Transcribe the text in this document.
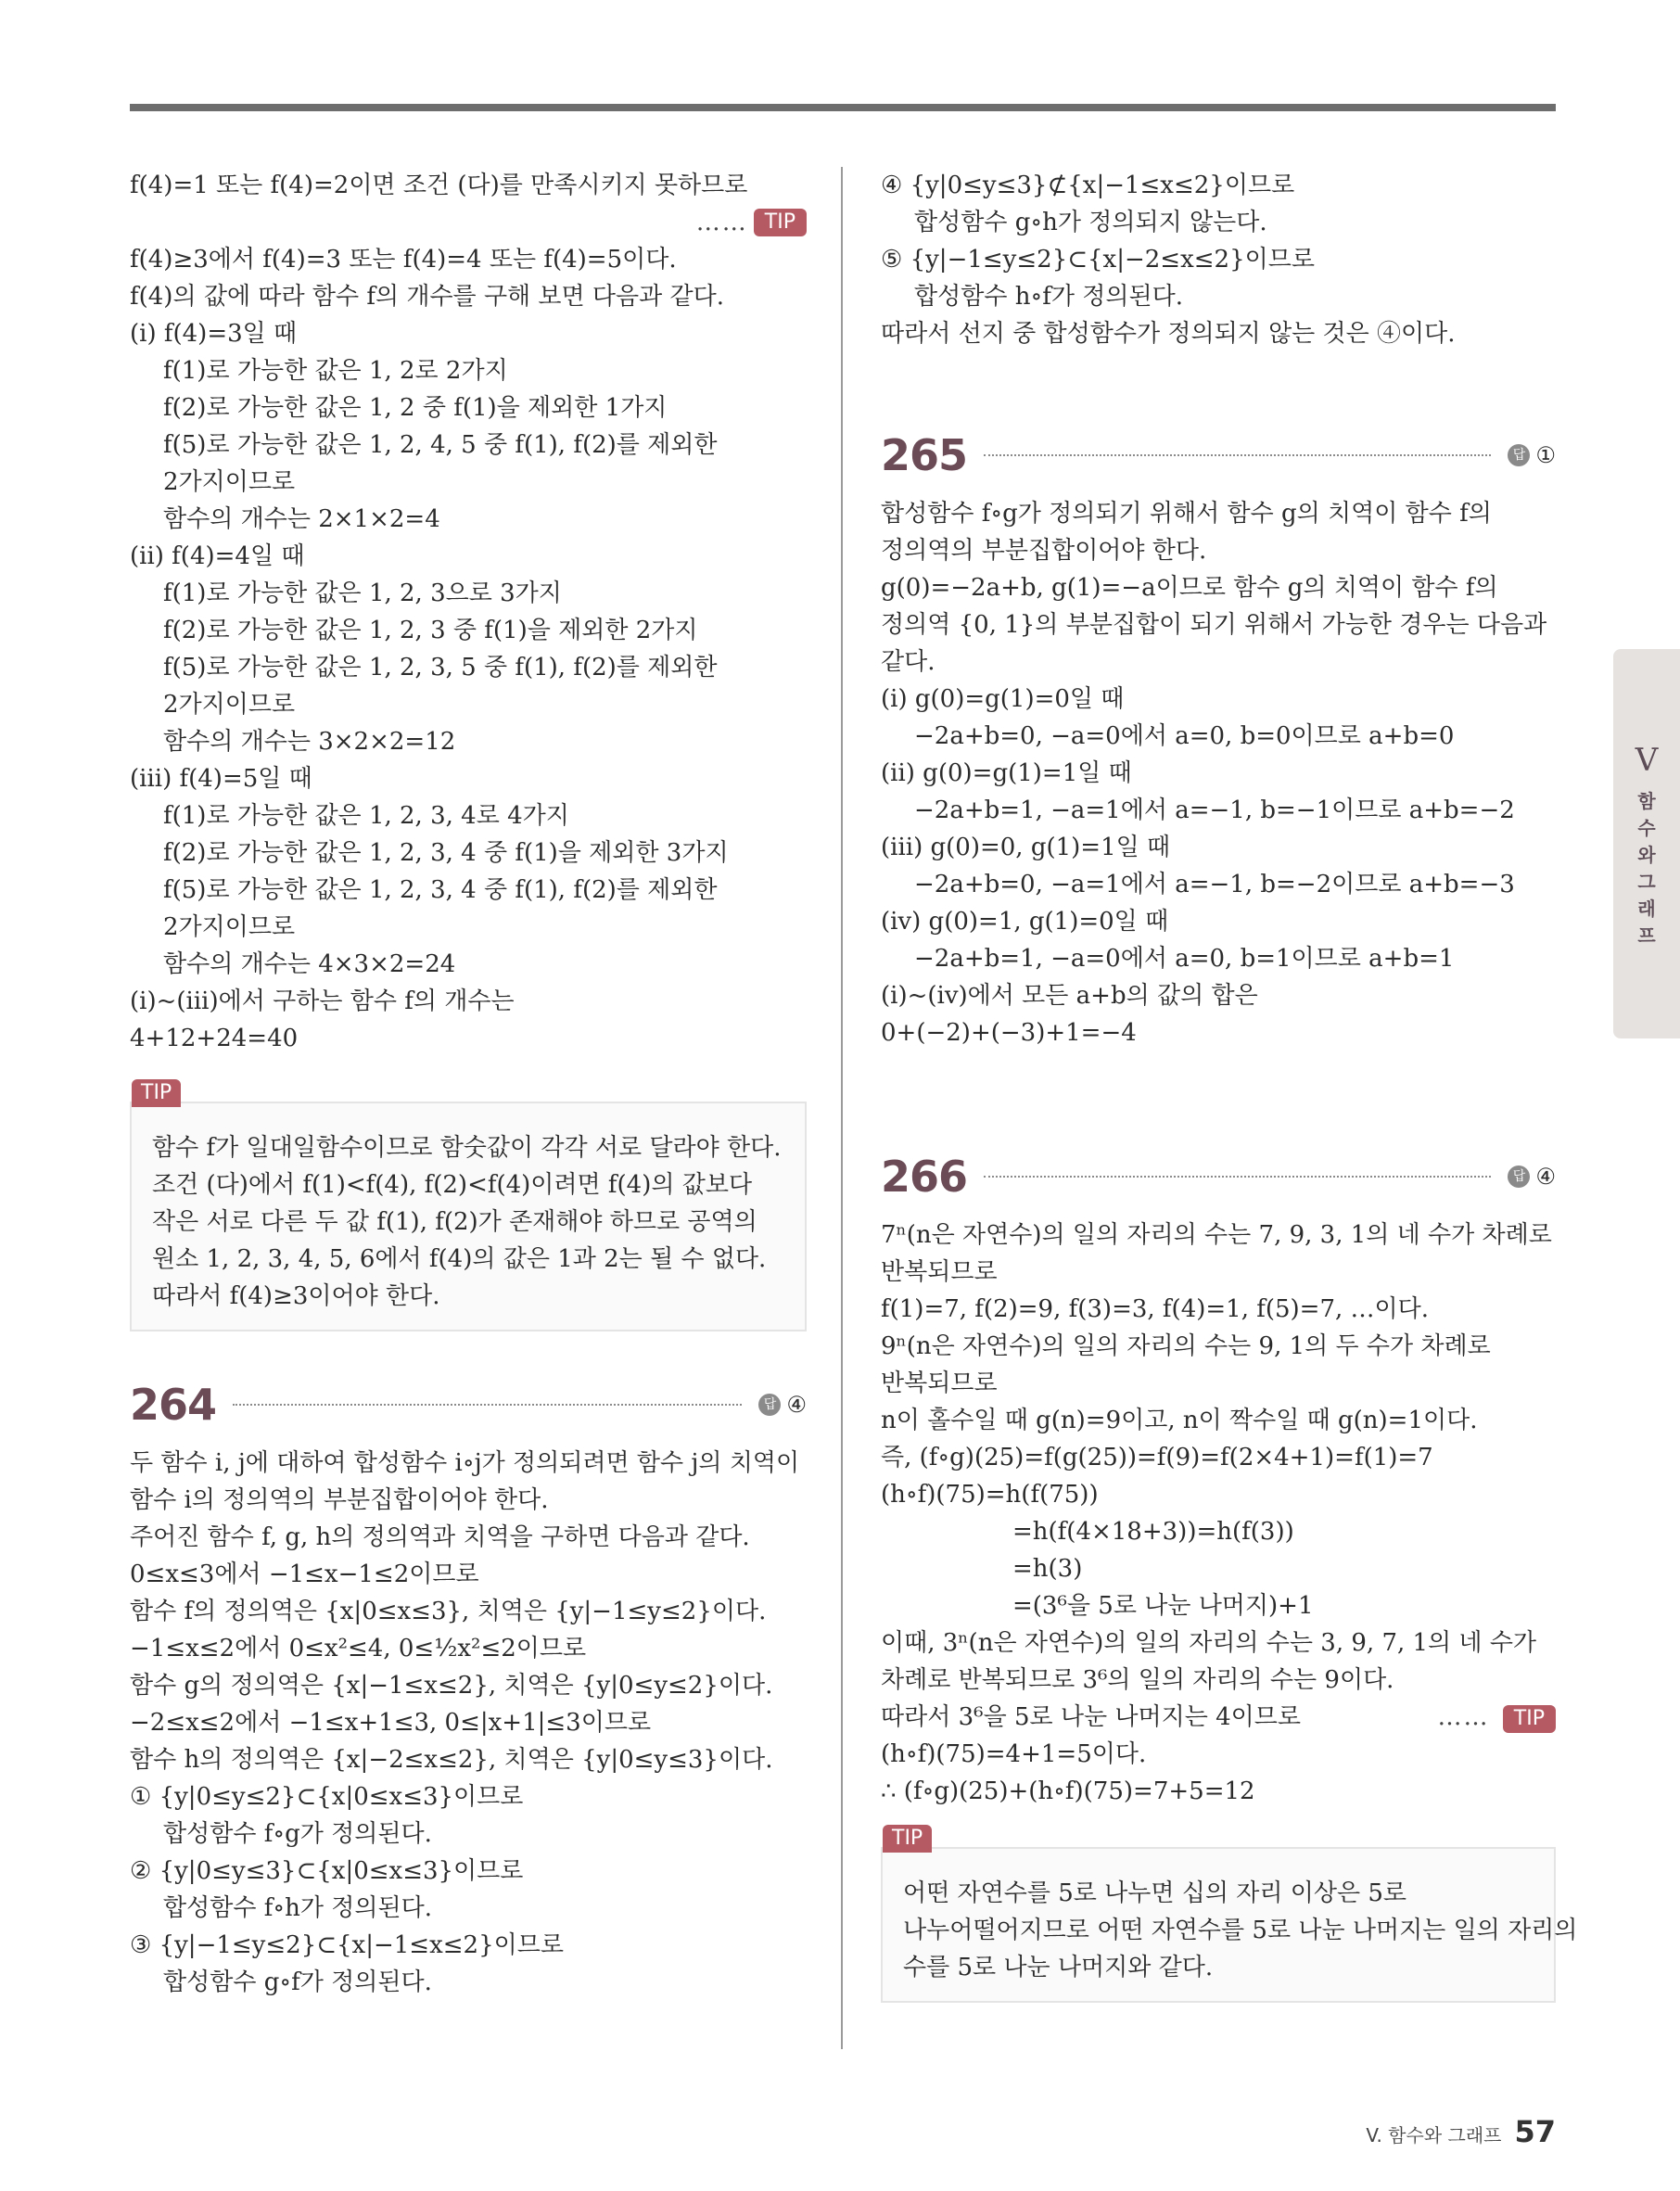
f(4)=1 또는 f(4)=2이면 조건 (다)를 만족시키지 못하므로
…… TIP
f(4)≥3에서 f(4)=3 또는 f(4)=4 또는 f(4)=5이다.
f(4)의 값에 따라 함수 f의 개수를 구해 보면 다음과 같다.
(ⅰ) f(4)=3일 때
f(1)로 가능한 값은 1, 2로 2가지
f(2)로 가능한 값은 1, 2 중 f(1)을 제외한 1가지
f(5)로 가능한 값은 1, 2, 4, 5 중 f(1), f(2)를 제외한
2가지이므로
함수의 개수는 2×1×2=4
(ⅱ) f(4)=4일 때
f(1)로 가능한 값은 1, 2, 3으로 3가지
f(2)로 가능한 값은 1, 2, 3 중 f(1)을 제외한 2가지
f(5)로 가능한 값은 1, 2, 3, 5 중 f(1), f(2)를 제외한
2가지이므로
함수의 개수는 3×2×2=12
(ⅲ) f(4)=5일 때
f(1)로 가능한 값은 1, 2, 3, 4로 4가지
f(2)로 가능한 값은 1, 2, 3, 4 중 f(1)을 제외한 3가지
f(5)로 가능한 값은 1, 2, 3, 4 중 f(1), f(2)를 제외한
2가지이므로
함수의 개수는 4×3×2=24
(ⅰ)~(ⅲ)에서 구하는 함수 f의 개수는
4+12+24=40
TIP
함수 f가 일대일함수이므로 함숫값이 각각 서로 달라야 한다.
조건 (다)에서 f(1)<f(4), f(2)<f(4)이려면 f(4)의 값보다
작은 서로 다른 두 값 f(1), f(2)가 존재해야 하므로 공역의
원소 1, 2, 3, 4, 5, 6에서 f(4)의 값은 1과 2는 될 수 없다.
따라서 f(4)≥3이어야 한다.
264	답 ④
두 함수 i, j에 대하여 합성함수 i∘j가 정의되려면 함수 j의 치역이
함수 i의 정의역의 부분집합이어야 한다.
주어진 함수 f, g, h의 정의역과 치역을 구하면 다음과 같다.
0≤x≤3에서 −1≤x−1≤2이므로
함수 f의 정의역은 {x|0≤x≤3}, 치역은 {y|−1≤y≤2}이다.
−1≤x≤2에서 0≤x²≤4, 0≤½x²≤2이므로
함수 g의 정의역은 {x|−1≤x≤2}, 치역은 {y|0≤y≤2}이다.
−2≤x≤2에서 −1≤x+1≤3, 0≤|x+1|≤3이므로
함수 h의 정의역은 {x|−2≤x≤2}, 치역은 {y|0≤y≤3}이다.
① {y|0≤y≤2}⊂{x|0≤x≤3}이므로
합성함수 f∘g가 정의된다.
② {y|0≤y≤3}⊂{x|0≤x≤3}이므로
합성함수 f∘h가 정의된다.
③ {y|−1≤y≤2}⊂{x|−1≤x≤2}이므로
합성함수 g∘f가 정의된다.
④ {y|0≤y≤3}⊄{x|−1≤x≤2}이므로
합성함수 g∘h가 정의되지 않는다.
⑤ {y|−1≤y≤2}⊂{x|−2≤x≤2}이므로
합성함수 h∘f가 정의된다.
따라서 선지 중 합성함수가 정의되지 않는 것은 ④이다.
265	답 ①
합성함수 f∘g가 정의되기 위해서 함수 g의 치역이 함수 f의
정의역의 부분집합이어야 한다.
g(0)=−2a+b, g(1)=−a이므로 함수 g의 치역이 함수 f의
정의역 {0, 1}의 부분집합이 되기 위해서 가능한 경우는 다음과
같다.
(ⅰ) g(0)=g(1)=0일 때
−2a+b=0, −a=0에서 a=0, b=0이므로 a+b=0
(ⅱ) g(0)=g(1)=1일 때
−2a+b=1, −a=1에서 a=−1, b=−1이므로 a+b=−2
(ⅲ) g(0)=0, g(1)=1일 때
−2a+b=0, −a=1에서 a=−1, b=−2이므로 a+b=−3
(ⅳ) g(0)=1, g(1)=0일 때
−2a+b=1, −a=0에서 a=0, b=1이므로 a+b=1
(ⅰ)~(ⅳ)에서 모든 a+b의 값의 합은
0+(−2)+(−3)+1=−4
266	답 ④
7ⁿ(n은 자연수)의 일의 자리의 수는 7, 9, 3, 1의 네 수가 차례로
반복되므로
f(1)=7, f(2)=9, f(3)=3, f(4)=1, f(5)=7, …이다.
9ⁿ(n은 자연수)의 일의 자리의 수는 9, 1의 두 수가 차례로
반복되므로
n이 홀수일 때 g(n)=9이고, n이 짝수일 때 g(n)=1이다.
즉, (f∘g)(25)=f(g(25))=f(9)=f(2×4+1)=f(1)=7
(h∘f)(75)=h(f(75))
=h(f(4×18+3))=h(f(3))
=h(3)
=(3⁶을 5로 나눈 나머지)+1
이때, 3ⁿ(n은 자연수)의 일의 자리의 수는 3, 9, 7, 1의 네 수가
차례로 반복되므로 3⁶의 일의 자리의 수는 9이다.
따라서 3⁶을 5로 나눈 나머지는 4이므로	…… TIP
(h∘f)(75)=4+1=5이다.
∴ (f∘g)(25)+(h∘f)(75)=7+5=12
TIP
어떤 자연수를 5로 나누면 십의 자리 이상은 5로
나누어떨어지므로 어떤 자연수를 5로 나눈 나머지는 일의 자리의
수를 5로 나눈 나머지와 같다.
V
함
수
와
그
래
프
V. 함수와 그래프 57
